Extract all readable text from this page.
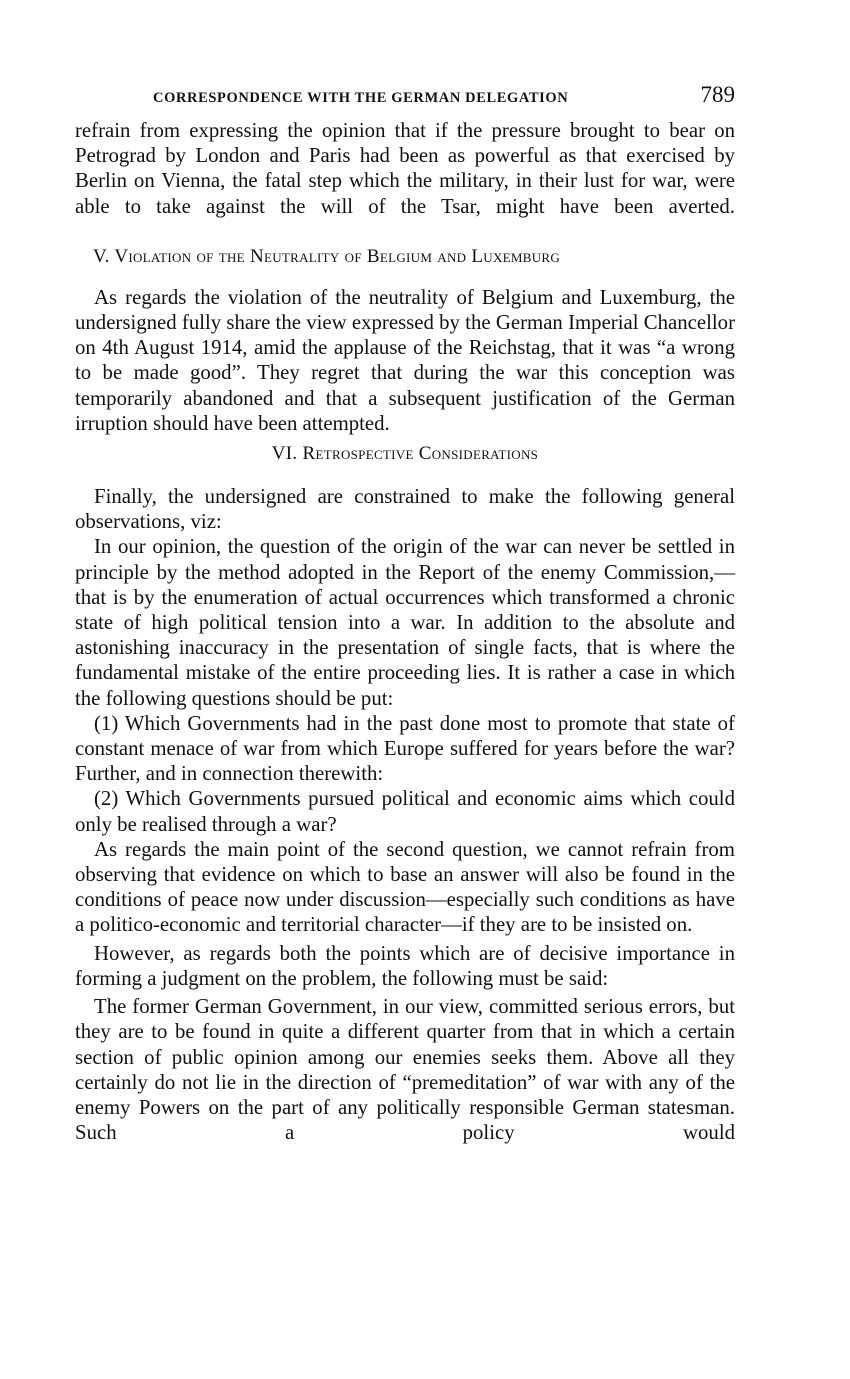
CORRESPONDENCE WITH THE GERMAN DELEGATION	789

refrain from expressing the opinion that if the pressure brought to bear on Petrograd by London and Paris had been as powerful as that exercised by Berlin on Vienna, the fatal step which the military, in their lust for war, were able to take against the will of the Tsar, might have been averted.

V. Violation of the Neutrality of Belgium and Luxemburg

As regards the violation of the neutrality of Belgium and Luxemburg, the undersigned fully share the view expressed by the German Imperial Chancellor on 4th August 1914, amid the applause of the Reichstag, that it was “a wrong to be made good”. They regret that during the war this conception was temporarily abandoned and that a subsequent justification of the German irruption should have been attempted.

VI. Retrospective Considerations

Finally, the undersigned are constrained to make the following general observations, viz:

In our opinion, the question of the origin of the war can never be settled in principle by the method adopted in the Report of the enemy Commission,—that is by the enumeration of actual occurrences which transformed a chronic state of high political tension into a war. In addition to the absolute and astonishing inaccuracy in the presentation of single facts, that is where the fundamental mistake of the entire proceeding lies. It is rather a case in which the following questions should be put:

(1) Which Governments had in the past done most to promote that state of constant menace of war from which Europe suffered for years before the war? Further, and in connection therewith:

(2) Which Governments pursued political and economic aims which could only be realised through a war?

As regards the main point of the second question, we cannot refrain from observing that evidence on which to base an answer will also be found in the conditions of peace now under discussion—especially such conditions as have a politico-economic and territorial character—if they are to be insisted on.

However, as regards both the points which are of decisive importance in forming a judgment on the problem, the following must be said:

The former German Government, in our view, committed serious errors, but they are to be found in quite a different quarter from that in which a certain section of public opinion among our enemies seeks them. Above all they certainly do not lie in the direction of “premeditation” of war with any of the enemy Powers on the part of any politically responsible German statesman. Such a policy would
